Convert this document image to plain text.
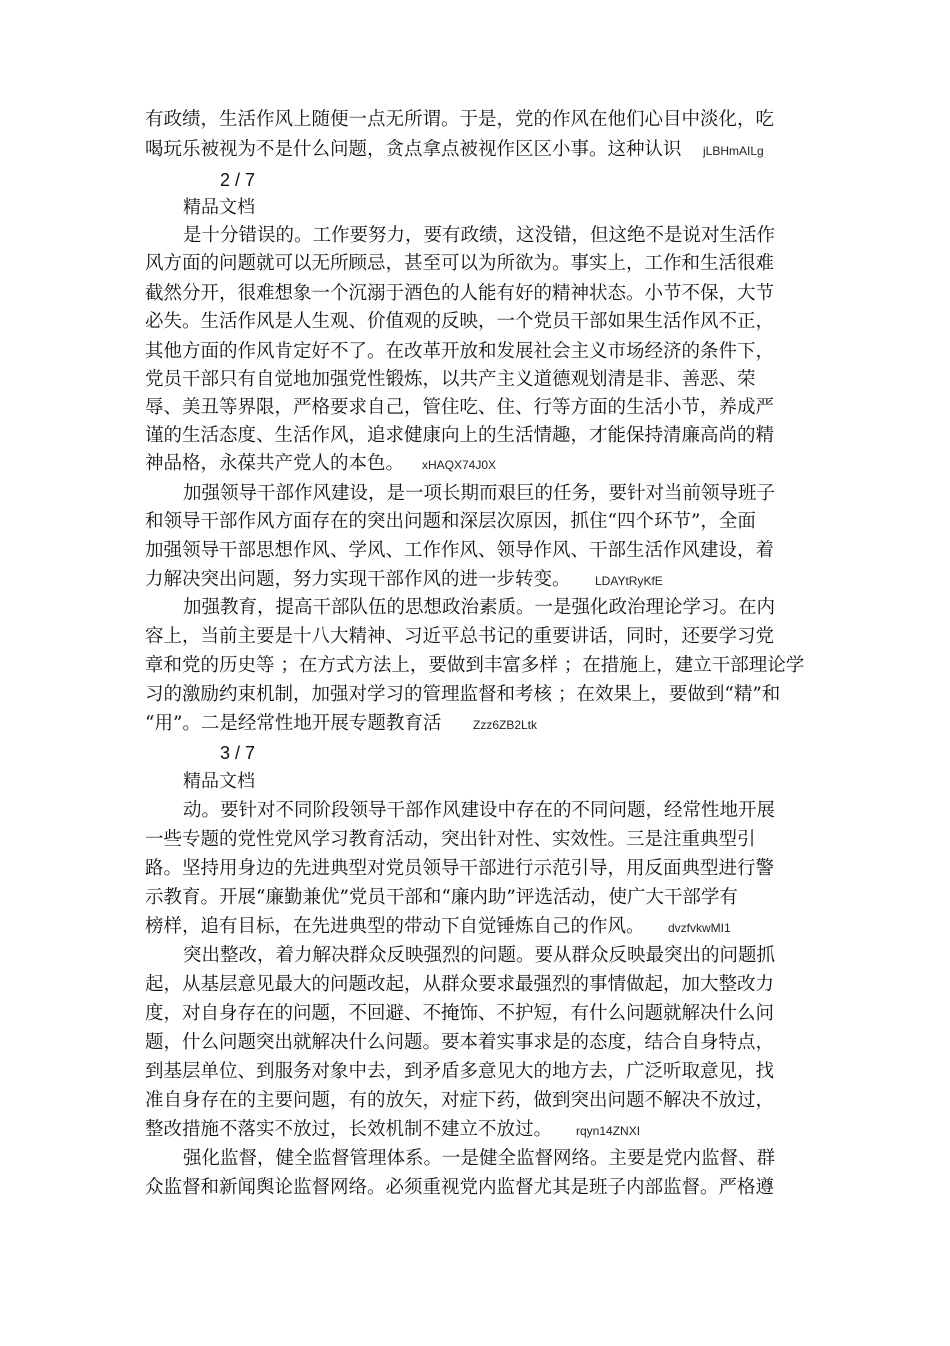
有政绩，生活作风上随便一点无所谓。于是，党的作风在他们心目中淡化，吃
喝玩乐被视为不是什么问题，贪点拿点被视作区区小事。这种认识 jLBHmAILg
2 / 7
精品文档
是十分错误的。工作要努力，要有政绩，这没错，但这绝不是说对生活作
风方面的问题就可以无所顾忌，甚至可以为所欲为。事实上，工作和生活很难
截然分开，很难想象一个沉溺于酒色的人能有好的精神状态。小节不保，大节
必失。生活作风是人生观、价值观的反映，一个党员干部如果生活作风不正，
其他方面的作风肯定好不了。在改革开放和发展社会主义市场经济的条件下，
党员干部只有自觉地加强党性锻炼，以共产主义道德观划清是非、善恶、荣
辱、美丑等界限，严格要求自己，管住吃、住、行等方面的生活小节，养成严
谨的生活态度、生活作风，追求健康向上的生活情趣，才能保持清廉高尚的精
神品格，永葆共产党人的本色。 xHAQX74J0X
加强领导干部作风建设，是一项长期而艰巨的任务，要针对当前领导班子
和领导干部作风方面存在的突出问题和深层次原因，抓住“四个环节”，全面
加强领导干部思想作风、学风、工作作风、领导作风、干部生活作风建设，着
力解决突出问题，努力实现干部作风的进一步转变。 LDAYtRyKfE
加强教育，提高干部队伍的思想政治素质。一是强化政治理论学习。在内
容上，当前主要是十八大精神、习近平总书记的重要讲话，同时，还要学习党
章和党的历史等 ；在方式方法上，要做到丰富多样 ；在措施上，建立干部理论学
习的激励约束机制，加强对学习的管理监督和考核 ；在效果上，要做到“精”和
“用”。二是经常性地开展专题教育活	Zzz6ZB2Ltk
3 / 7
精品文档
动。要针对不同阶段领导干部作风建设中存在的不同问题，经常性地开展
一些专题的党性党风学习教育活动，突出针对性、实效性。三是注重典型引
路。坚持用身边的先进典型对党员领导干部进行示范引导，用反面典型进行警
示教育。开展“廉勤兼优”党员干部和“廉内助”评选活动，使广大干部学有
榜样，追有目标，在先进典型的带动下自觉锤炼自己的作风。 dvzfvkwMI1
突出整改，着力解决群众反映强烈的问题。要从群众反映最突出的问题抓
起，从基层意见最大的问题改起，从群众要求最强烈的事情做起，加大整改力
度，对自身存在的问题，不回避、不掩饰、不护短，有什么问题就解决什么问
题，什么问题突出就解决什么问题。要本着实事求是的态度，结合自身特点，
到基层单位、到服务对象中去，到矛盾多意见大的地方去，广泛听取意见，找
准自身存在的主要问题，有的放矢，对症下药，做到突出问题不解决不放过，
整改措施不落实不放过，长效机制不建立不放过。 rqyn14ZNXI
强化监督，健全监督管理体系。一是健全监督网络。主要是党内监督、群
众监督和新闻舆论监督网络。必须重视党内监督尤其是班子内部监督。严格遵
